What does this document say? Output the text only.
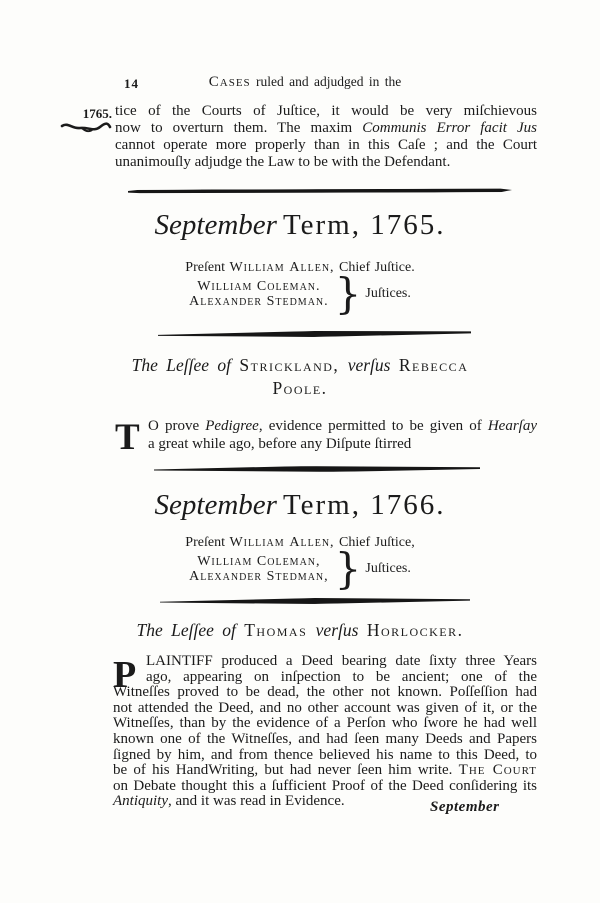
14	Cases ruled and adjudged in the
1765. tice of the Courts of Juſtice, it would be very miſchievous
now to overturn them. The maxim Communis Error facit Jus
cannot operate more properly than in this Caſe ; and the Court
unanimouſly adjudge the Law to be with the Defendant.
September Term, 1765.
Preſent William Allen, Chief Juſtice.
William Coleman.
Alexander Stedman. } Juſtices.
The Leſſee of Strickland, verſus Rebecca
Poole.
T O prove Pedigree, evidence permitted to be given of Hearſay
a great while ago, before any Diſpute ſtirred
September Term, 1766.
Preſent William Allen, Chief Juſtice,
William Coleman,
Alexander Stedman, } Juſtices.
The Leſſee of Thomas verſus Horlocker.
P LAINTIFF produced a Deed bearing date ſixty three Years
ago, appearing on inſpection to be ancient; one of the
Witneſſes proved to be dead, the other not known. Poſſeſſion had
not attended the Deed, and no other account was given of it, or the
Witneſſes, than by the evidence of a Perſon who ſwore he had well
known one of the Witneſſes, and had ſeen many Deeds and Papers
ſigned by him, and from thence believed his name to this Deed, to
be of his HandWriting, but had never ſeen him write. The Court
on Debate thought this a ſufficient Proof of the Deed conſidering its
Antiquity, and it was read in Evidence.	September
